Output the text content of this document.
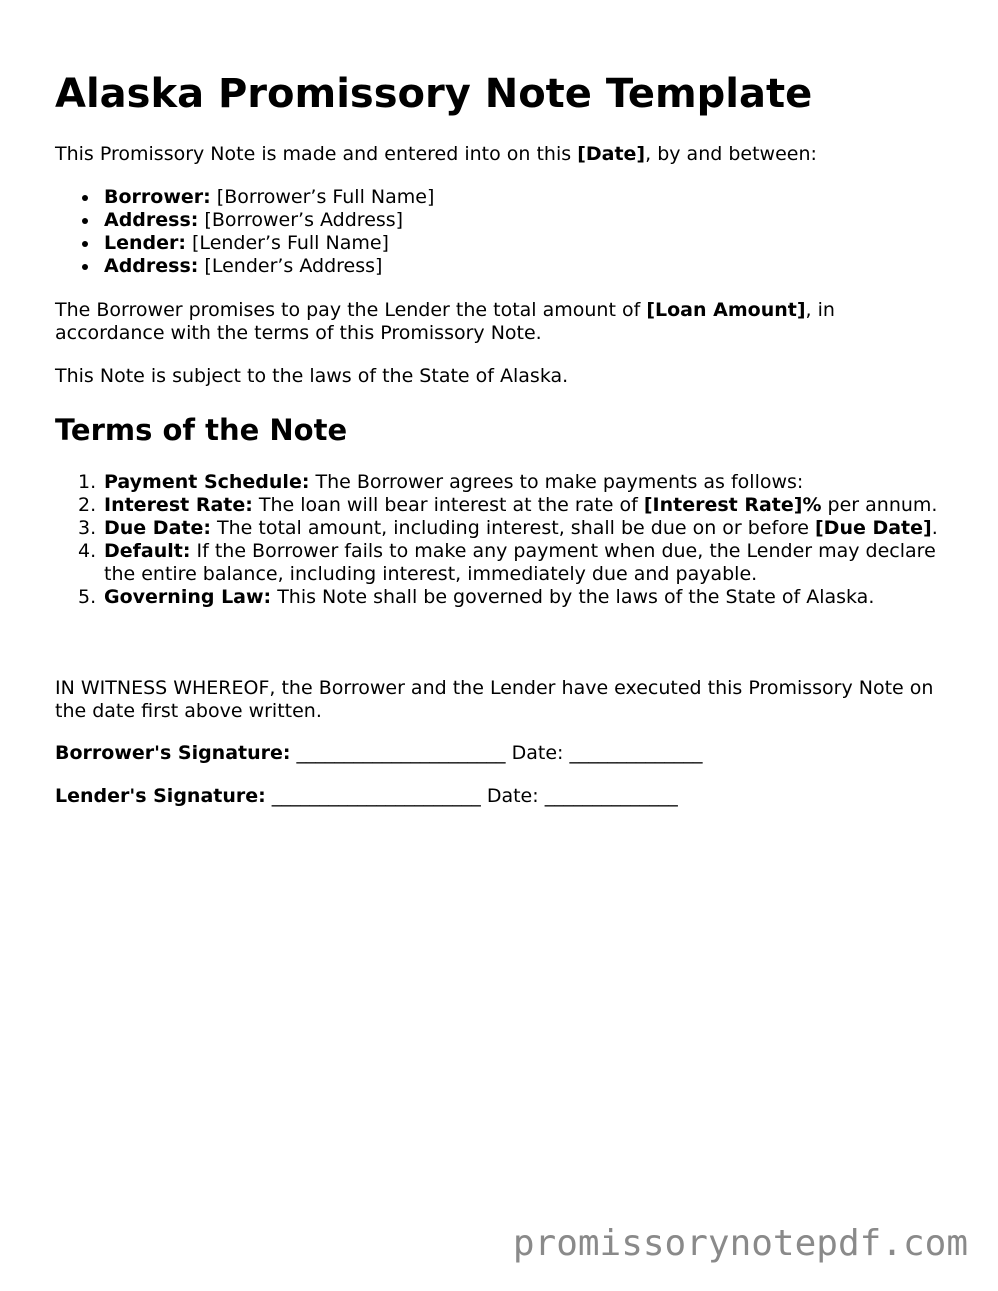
Alaska Promissory Note Template

This Promissory Note is made and entered into on this [Date], by and between:

Borrower: [Borrower’s Full Name]
Address: [Borrower’s Address]
Lender: [Lender’s Full Name]
Address: [Lender’s Address]

The Borrower promises to pay the Lender the total amount of [Loan Amount], in accordance with the terms of this Promissory Note.

This Note is subject to the laws of the State of Alaska.

Terms of the Note
1. Payment Schedule: The Borrower agrees to make payments as follows:
2. Interest Rate: The loan will bear interest at the rate of [Interest Rate]% per annum.
3. Due Date: The total amount, including interest, shall be due on or before [Due Date].
4. Default: If the Borrower fails to make any payment when due, the Lender may declare the entire balance, including interest, immediately due and payable.
5. Governing Law: This Note shall be governed by the laws of the State of Alaska.

IN WITNESS WHEREOF, the Borrower and the Lender have executed this Promissory Note on the date first above written.

Borrower's Signature: ______________________ Date: ______________
Lender's Signature: ______________________ Date: ______________
promissorynotepdf.com
